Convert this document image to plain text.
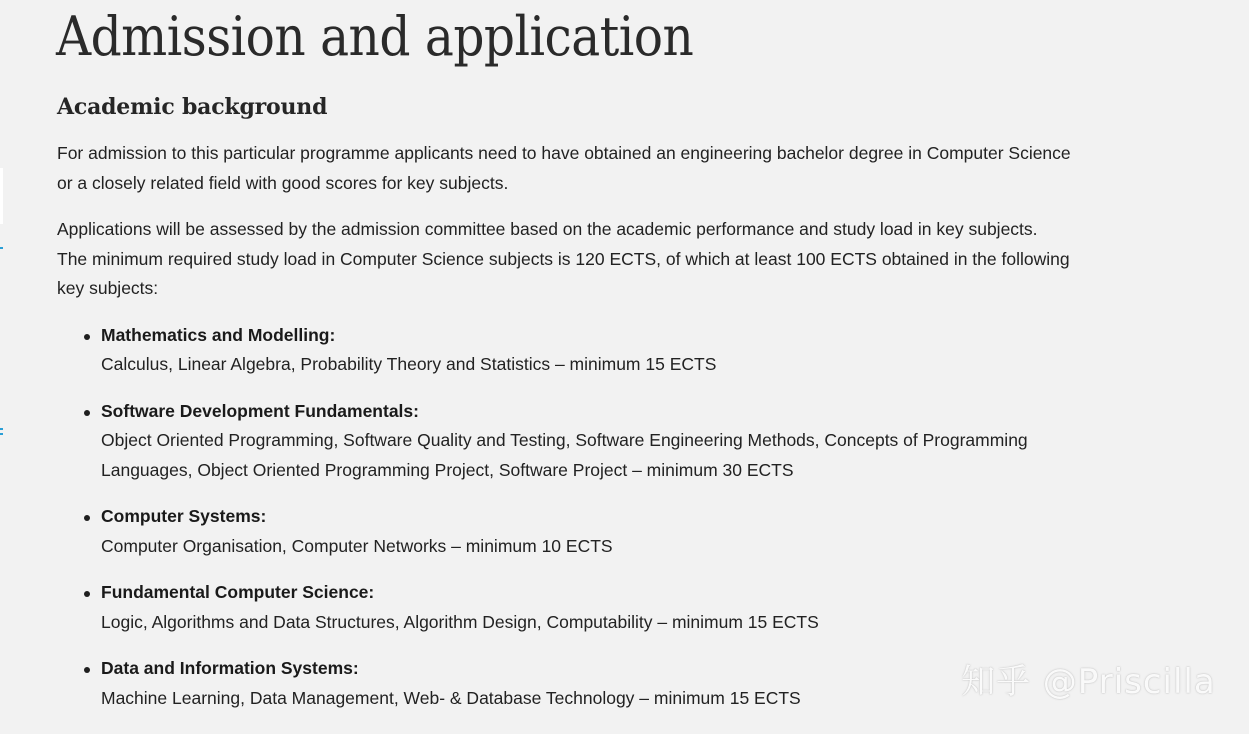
Admission and application
Academic background

For admission to this particular programme applicants need to have obtained an engineering bachelor degree in Computer Science or a closely related field with good scores for key subjects.

Applications will be assessed by the admission committee based on the academic performance and study load in key subjects. The minimum required study load in Computer Science subjects is 120 ECTS, of which at least 100 ECTS obtained in the following key subjects:

Mathematics and Modelling:
Calculus, Linear Algebra, Probability Theory and Statistics – minimum 15 ECTS
Software Development Fundamentals:
Object Oriented Programming, Software Quality and Testing, Software Engineering Methods, Concepts of Programming Languages, Object Oriented Programming Project, Software Project – minimum 30 ECTS
Computer Systems:
Computer Organisation, Computer Networks – minimum 10 ECTS
Fundamental Computer Science:
Logic, Algorithms and Data Structures, Algorithm Design, Computability – minimum 15 ECTS
Data and Information Systems:
Machine Learning, Data Management, Web- & Database Technology – minimum 15 ECTS	知乎 @Priscilla
